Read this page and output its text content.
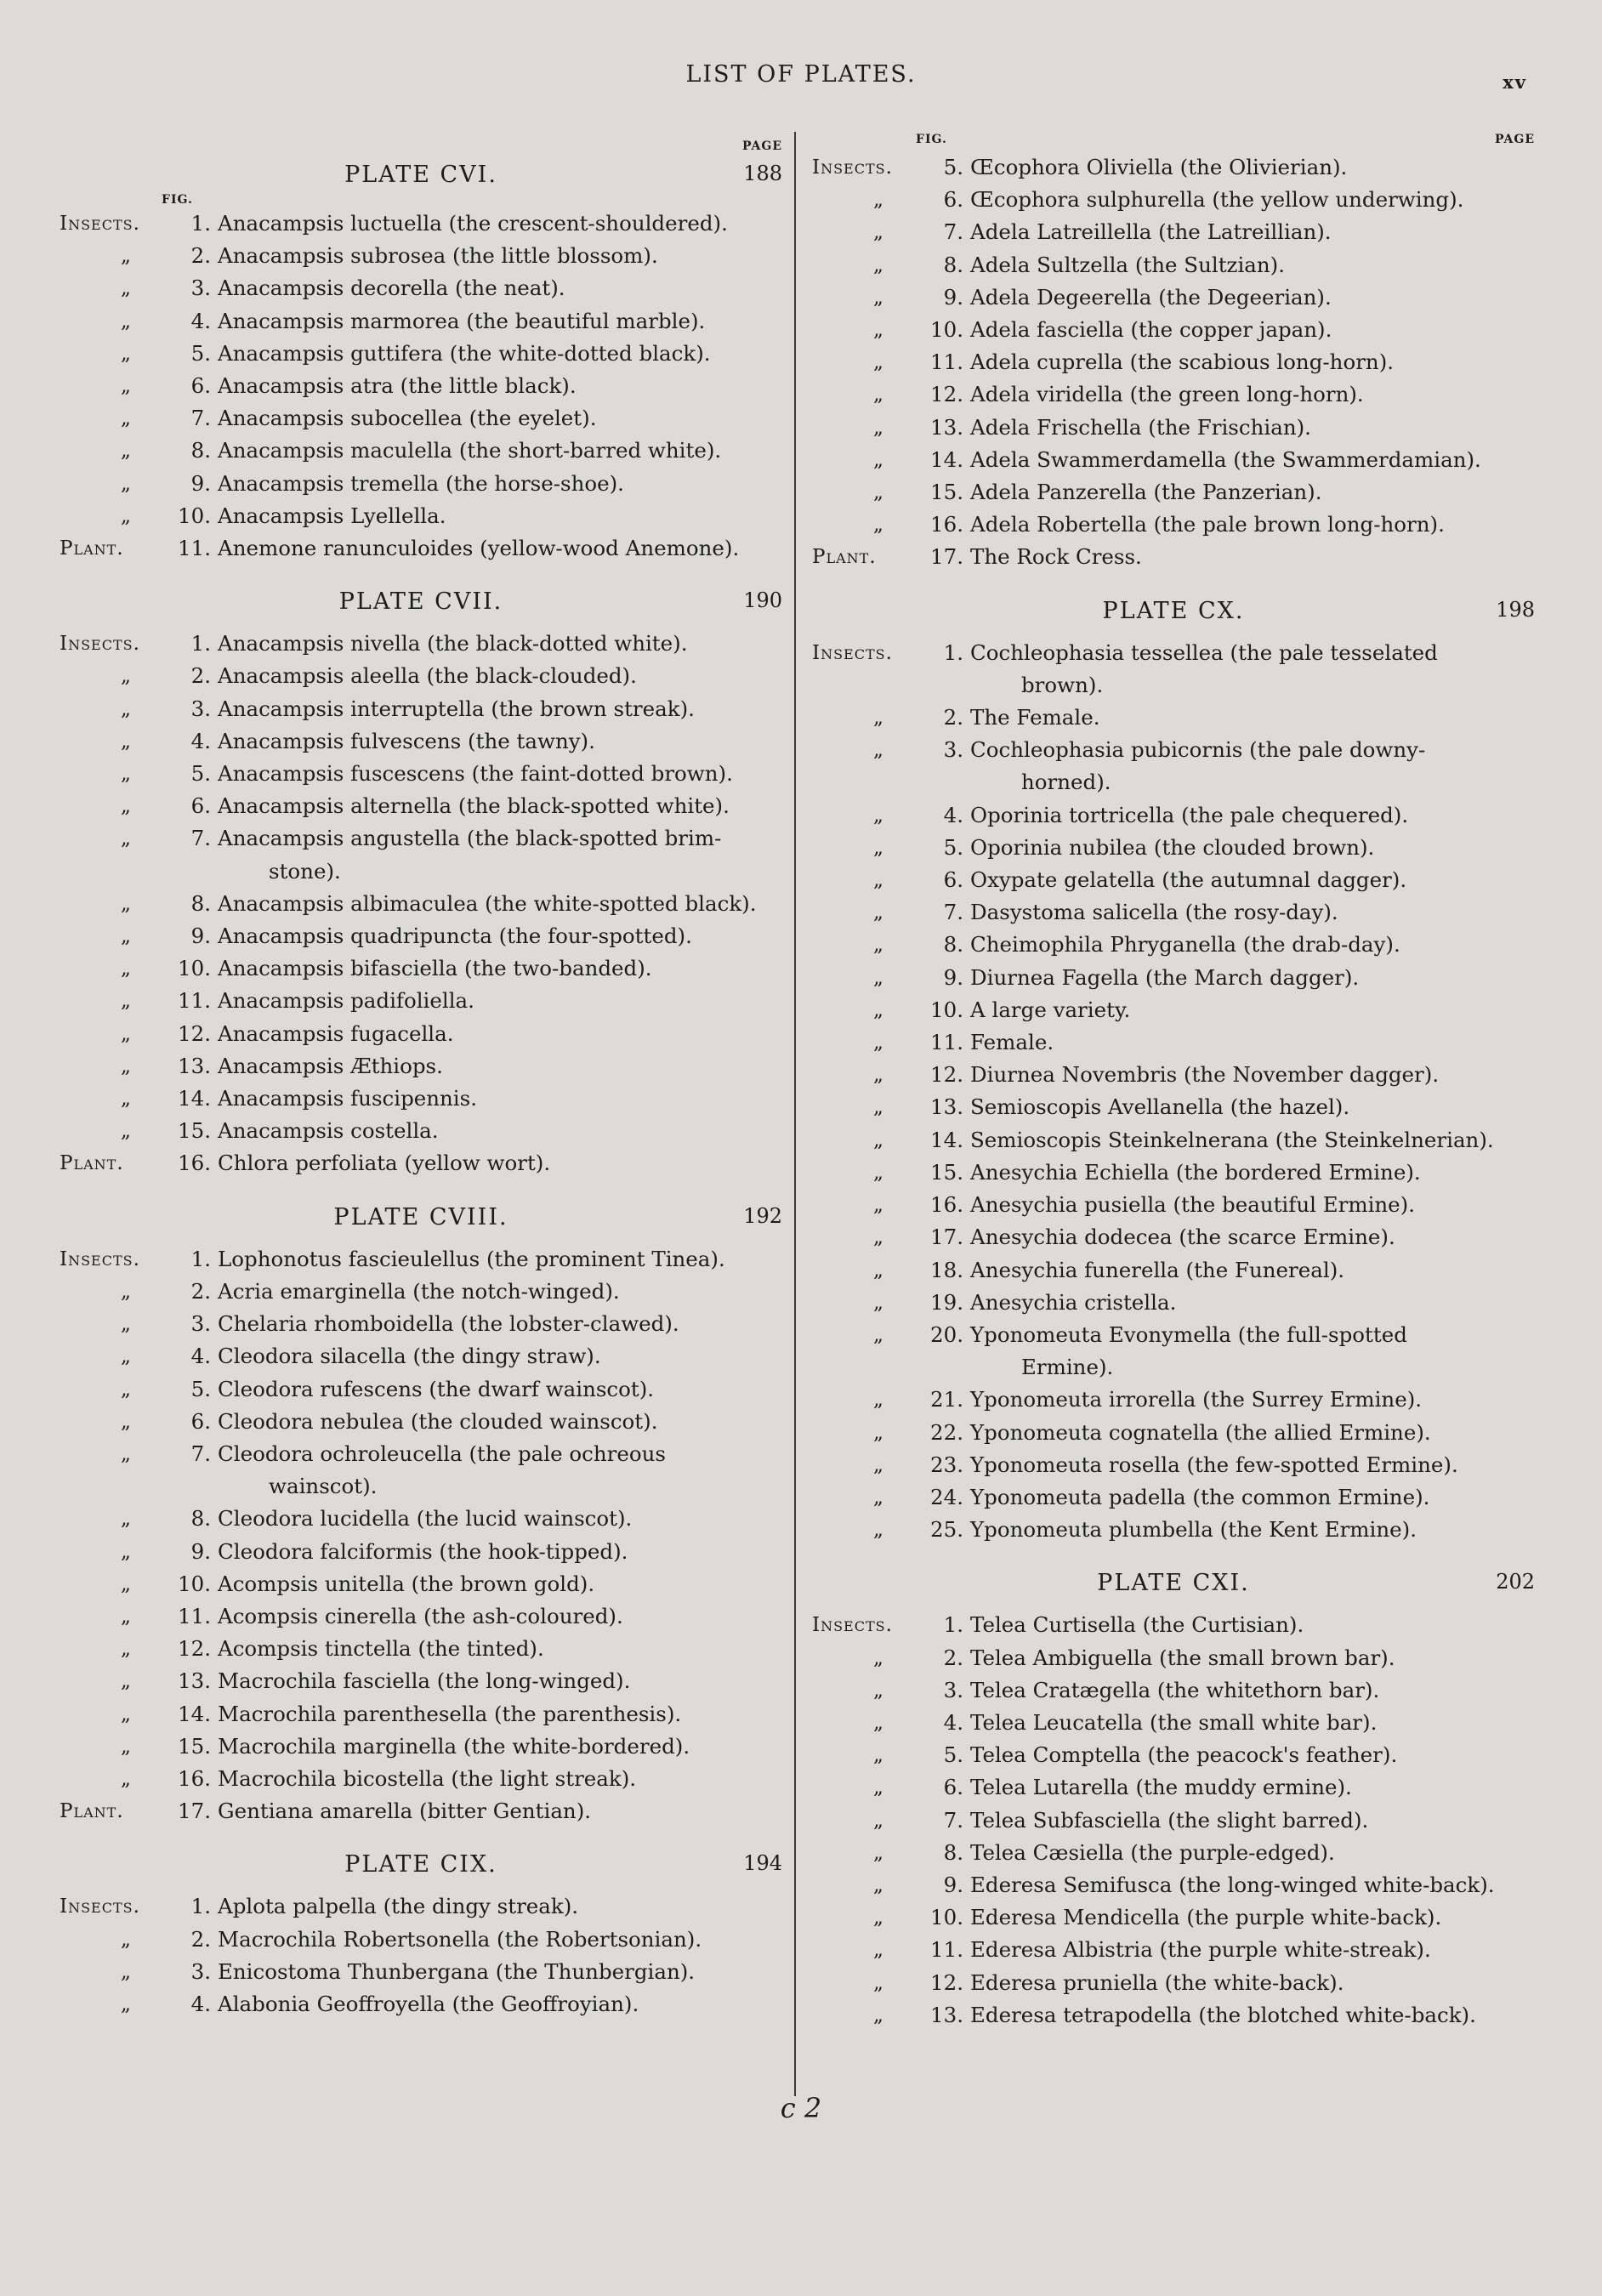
LIST OF PLATES.	xv
PLATE CVI.	188
PAGE
FIG.
Insects.	1. Anacampsis luctuella (the crescent-shouldered).
„	2. Anacampsis subrosea (the little blossom).
„	3. Anacampsis decorella (the neat).
„	4. Anacampsis marmorea (the beautiful marble).
„	5. Anacampsis guttifera (the white-dotted black).
„	6. Anacampsis atra (the little black).
„	7. Anacampsis subocellea (the eyelet).
„	8. Anacampsis maculella (the short-barred white).
„	9. Anacampsis tremella (the horse-shoe).
„	10. Anacampsis Lyellella.
Plant.	11. Anemone ranunculoides (yellow-wood Anemone).
PLATE CVII.	190
Insects.	1. Anacampsis nivella (the black-dotted white).
„	2. Anacampsis aleella (the black-clouded).
„	3. Anacampsis interruptella (the brown streak).
„	4. Anacampsis fulvescens (the tawny).
„	5. Anacampsis fuscescens (the faint-dotted brown).
„	6. Anacampsis alternella (the black-spotted white).
„	7. Anacampsis angustella (the black-spotted brim-
stone).
„	8. Anacampsis albimaculea (the white-spotted black).
„	9. Anacampsis quadripuncta (the four-spotted).
„	10. Anacampsis bifasciella (the two-banded).
„	11. Anacampsis padifoliella.
„	12. Anacampsis fugacella.
„	13. Anacampsis Æthiops.
„	14. Anacampsis fuscipennis.
„	15. Anacampsis costella.
Plant.	16. Chlora perfoliata (yellow wort).
PLATE CVIII.	192
Insects.	1. Lophonotus fascieulellus (the prominent Tinea).
„	2. Acria emarginella (the notch-winged).
„	3. Chelaria rhomboidella (the lobster-clawed).
„	4. Cleodora silacella (the dingy straw).
„	5. Cleodora rufescens (the dwarf wainscot).
„	6. Cleodora nebulea (the clouded wainscot).
„	7. Cleodora ochroleucella (the pale ochreous
wainscot).
„	8. Cleodora lucidella (the lucid wainscot).
„	9. Cleodora falciformis (the hook-tipped).
„	10. Acompsis unitella (the brown gold).
„	11. Acompsis cinerella (the ash-coloured).
„	12. Acompsis tinctella (the tinted).
„	13. Macrochila fasciella (the long-winged).
„	14. Macrochila parenthesella (the parenthesis).
„	15. Macrochila marginella (the white-bordered).
„	16. Macrochila bicostella (the light streak).
Plant.	17. Gentiana amarella (bitter Gentian).
PLATE CIX.	194
Insects.	1. Aplota palpella (the dingy streak).
„	2. Macrochila Robertsonella (the Robertsonian).
„	3. Enicostoma Thunbergana (the Thunbergian).
„	4. Alabonia Geoffroyella (the Geoffroyian).
FIG.	PAGE
Insects.	5. Œcophora Oliviella (the Olivierian).
„	6. Œcophora sulphurella (the yellow underwing).
„	7. Adela Latreillella (the Latreillian).
„	8. Adela Sultzella (the Sultzian).
„	9. Adela Degeerella (the Degeerian).
„	10. Adela fasciella (the copper japan).
„	11. Adela cuprella (the scabious long-horn).
„	12. Adela viridella (the green long-horn).
„	13. Adela Frischella (the Frischian).
„	14. Adela Swammerdamella (the Swammerdamian).
„	15. Adela Panzerella (the Panzerian).
„	16. Adela Robertella (the pale brown long-horn).
Plant.	17. The Rock Cress.
PLATE CX.	198
Insects.	1. Cochleophasia tessellea (the pale tesselated
brown).
„	2. The Female.
„	3. Cochleophasia pubicornis (the pale downy-
horned).
„	4. Oporinia tortricella (the pale chequered).
„	5. Oporinia nubilea (the clouded brown).
„	6. Oxypate gelatella (the autumnal dagger).
„	7. Dasystoma salicella (the rosy-day).
„	8. Cheimophila Phryganella (the drab-day).
„	9. Diurnea Fagella (the March dagger).
„	10. A large variety.
„	11. Female.
„	12. Diurnea Novembris (the November dagger).
„	13. Semioscopis Avellanella (the hazel).
„	14. Semioscopis Steinkelnerana (the Steinkelnerian).
„	15. Anesychia Echiella (the bordered Ermine).
„	16. Anesychia pusiella (the beautiful Ermine).
„	17. Anesychia dodecea (the scarce Ermine).
„	18. Anesychia funerella (the Funereal).
„	19. Anesychia cristella.
„	20. Yponomeuta Evonymella (the full-spotted
Ermine).
„	21. Yponomeuta irrorella (the Surrey Ermine).
„	22. Yponomeuta cognatella (the allied Ermine).
„	23. Yponomeuta rosella (the few-spotted Ermine).
„	24. Yponomeuta padella (the common Ermine).
„	25. Yponomeuta plumbella (the Kent Ermine).
PLATE CXI.	202
Insects.	1. Telea Curtisella (the Curtisian).
„	2. Telea Ambiguella (the small brown bar).
„	3. Telea Cratægella (the whitethorn bar).
„	4. Telea Leucatella (the small white bar).
„	5. Telea Comptella (the peacock's feather).
„	6. Telea Lutarella (the muddy ermine).
„	7. Telea Subfasciella (the slight barred).
„	8. Telea Cæsiella (the purple-edged).
„	9. Ederesa Semifusca (the long-winged white-back).
„	10. Ederesa Mendicella (the purple white-back).
„	11. Ederesa Albistria (the purple white-streak).
„	12. Ederesa pruniella (the white-back).
„	13. Ederesa tetrapodella (the blotched white-back).
c 2
